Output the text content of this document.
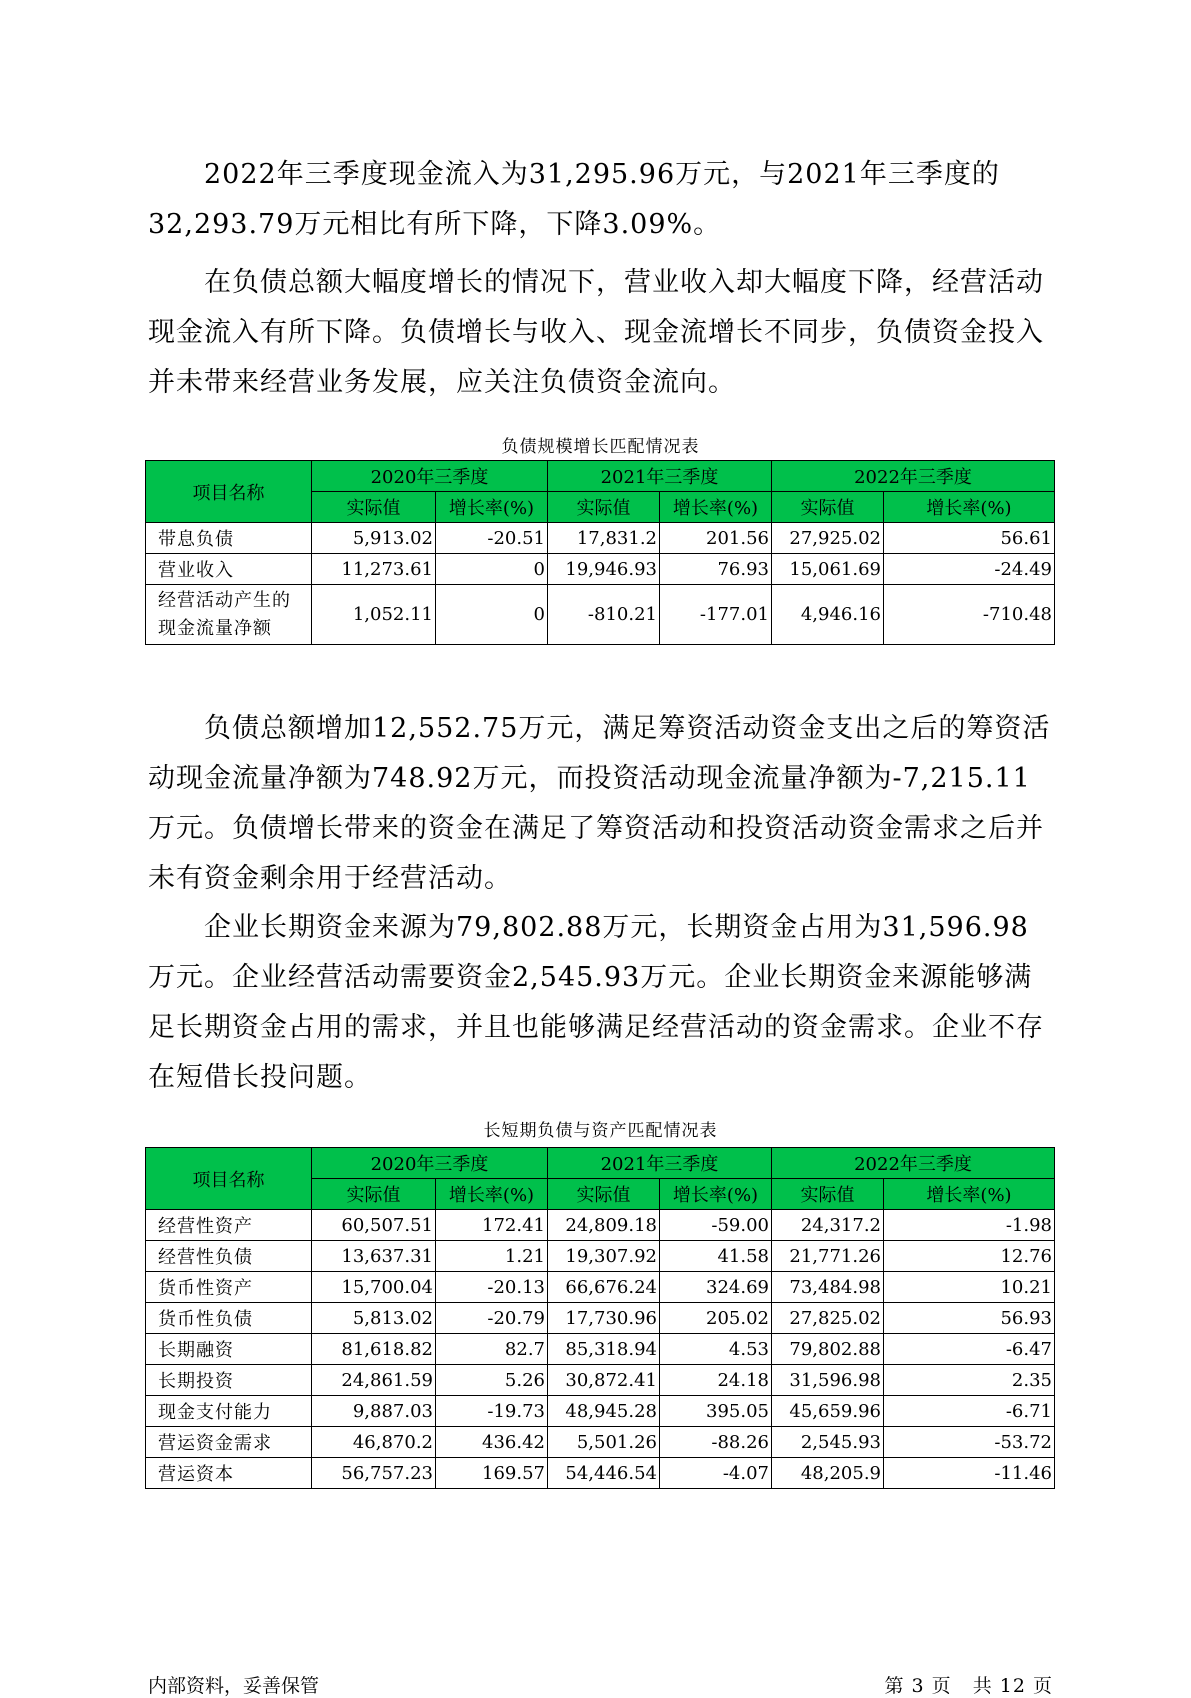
2022年三季度现金流入为31,295.96万元，与2021年三季度的32,293.79万元相比有所下降，下降3.09%。

在负债总额大幅度增长的情况下，营业收入却大幅度下降，经营活动现金流入有所下降。负债增长与收入、现金流增长不同步，负债资金投入并未带来经营业务发展，应关注负债资金流向。

负债规模增长匹配情况表
项目名称	2020年三季度		2021年三季度		2022年三季度	
	实际值	增长率(%)	实际值	增长率(%)	实际值	增长率(%)
带息负债	5,913.02	-20.51	17,831.2	201.56	27,925.02	56.61
营业收入	11,273.61	0	19,946.93	76.93	15,061.69	-24.49
经营活动产生的现金流量净额	1,052.11	0	-810.21	-177.01	4,946.16	-710.48

负债总额增加12,552.75万元，满足筹资活动资金支出之后的筹资活动现金流量净额为748.92万元，而投资活动现金流量净额为-7,215.11万元。负债增长带来的资金在满足了筹资活动和投资活动资金需求之后并未有资金剩余用于经营活动。

企业长期资金来源为79,802.88万元，长期资金占用为31,596.98万元。企业经营活动需要资金2,545.93万元。企业长期资金来源能够满足长期资金占用的需求，并且也能够满足经营活动的资金需求。企业不存在短借长投问题。

长短期负债与资产匹配情况表
项目名称	2020年三季度		2021年三季度		2022年三季度	
	实际值	增长率(%)	实际值	增长率(%)	实际值	增长率(%)
经营性资产	60,507.51	172.41	24,809.18	-59.00	24,317.2	-1.98
经营性负债	13,637.31	1.21	19,307.92	41.58	21,771.26	12.76
货币性资产	15,700.04	-20.13	66,676.24	324.69	73,484.98	10.21
货币性负债	5,813.02	-20.79	17,730.96	205.02	27,825.02	56.93
长期融资	81,618.82	82.7	85,318.94	4.53	79,802.88	-6.47
长期投资	24,861.59	5.26	30,872.41	24.18	31,596.98	2.35
现金支付能力	9,887.03	-19.73	48,945.28	395.05	45,659.96	-6.71
营运资金需求	46,870.2	436.42	5,501.26	-88.26	2,545.93	-53.72
营运资本	56,757.23	169.57	54,446.54	-4.07	48,205.9	-11.46
内部资料，妥善保管	第 3 页   共 12 页
